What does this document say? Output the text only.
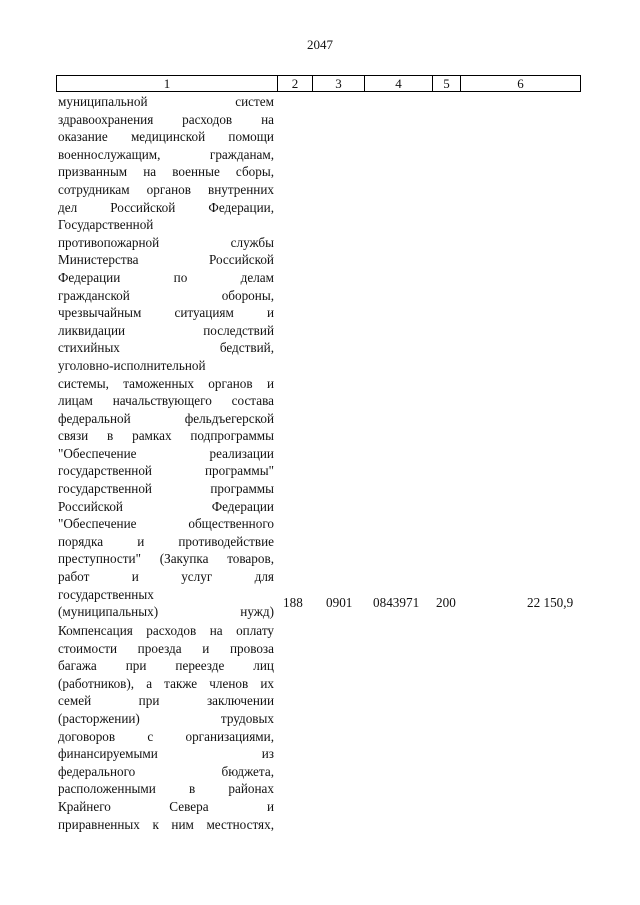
2047
1	2	3	4	5	6
муниципальной систем
здравоохранения расходов на
оказание медицинской помощи
военнослужащим, гражданам,
призванным на военные сборы,
сотрудникам органов внутренних
дел Российской Федерации,
Государственной
противопожарной службы
Министерства Российской
Федерации по делам
гражданской обороны,
чрезвычайным ситуациям и
ликвидации последствий
стихийных бедствий,
уголовно-исполнительной
системы, таможенных органов и
лицам начальствующего состава
федеральной фельдъегерской
связи в рамках подпрограммы
"Обеспечение реализации
государственной программы"
государственной программы
Российской Федерации
"Обеспечение общественного
порядка и противодействие
преступности" (Закупка товаров,
работ и услуг для
государственных
(муниципальных) нужд)
188 0901 0843971 200	22 150,9
Компенсация расходов на оплату
стоимости проезда и провоза
багажа при переезде лиц
(работников), а также членов их
семей при заключении
(расторжении) трудовых
договоров с организациями,
финансируемыми из
федерального бюджета,
расположенными в районах
Крайнего Севера и
приравненных к ним местностях,
